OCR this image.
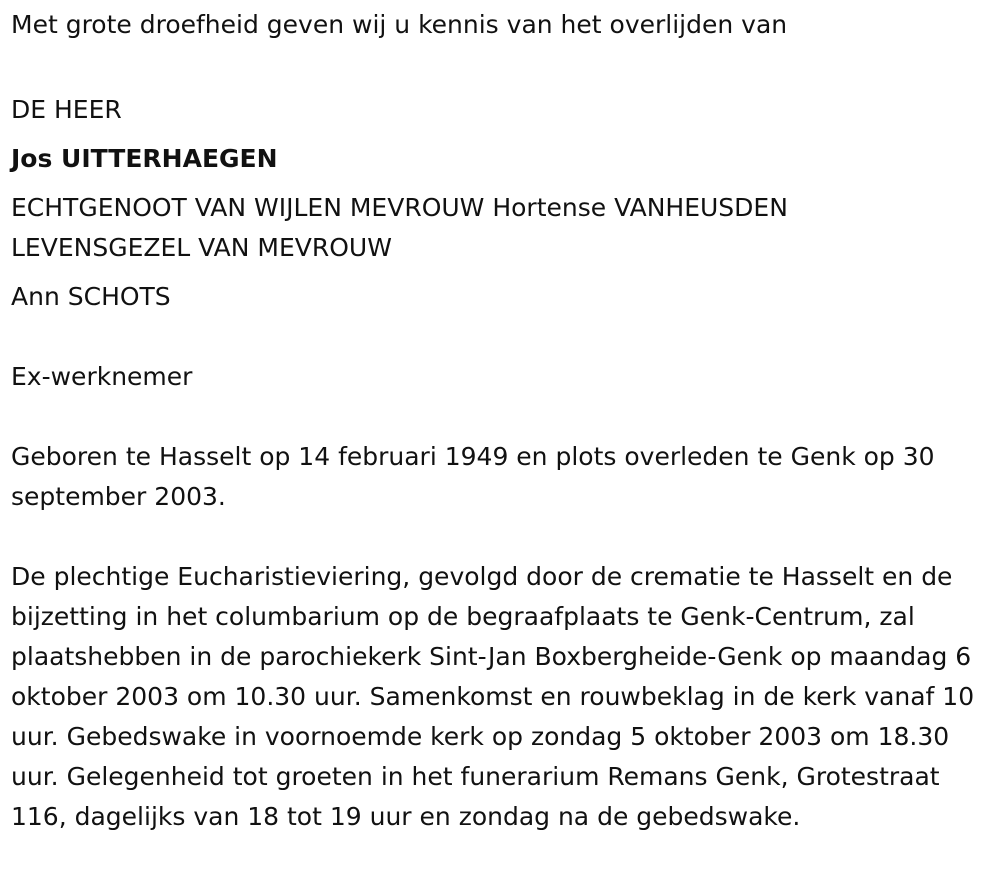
Met grote droefheid geven wij u kennis van het overlijden van

DE HEER

Jos UITTERHAEGEN

ECHTGENOOT VAN WIJLEN MEVROUW Hortense VANHEUSDEN

LEVENSGEZEL VAN MEVROUW

Ann SCHOTS

Ex-werknemer

Geboren te Hasselt op 14 februari 1949 en plots overleden te Genk op 30 september 2003.

De plechtige Eucharistieviering, gevolgd door de crematie te Hasselt en de bijzetting in het columbarium op de begraafplaats te Genk-Centrum, zal plaatshebben in de parochiekerk Sint-Jan Boxbergheide-Genk op maandag 6 oktober 2003 om 10.30 uur. Samenkomst en rouwbeklag in de kerk vanaf 10 uur. Gebedswake in voornoemde kerk op zondag 5 oktober 2003 om 18.30 uur. Gelegenheid tot groeten in het funerarium Remans Genk, Grotestraat 116, dagelijks van 18 tot 19 uur en zondag na de gebedswake.
